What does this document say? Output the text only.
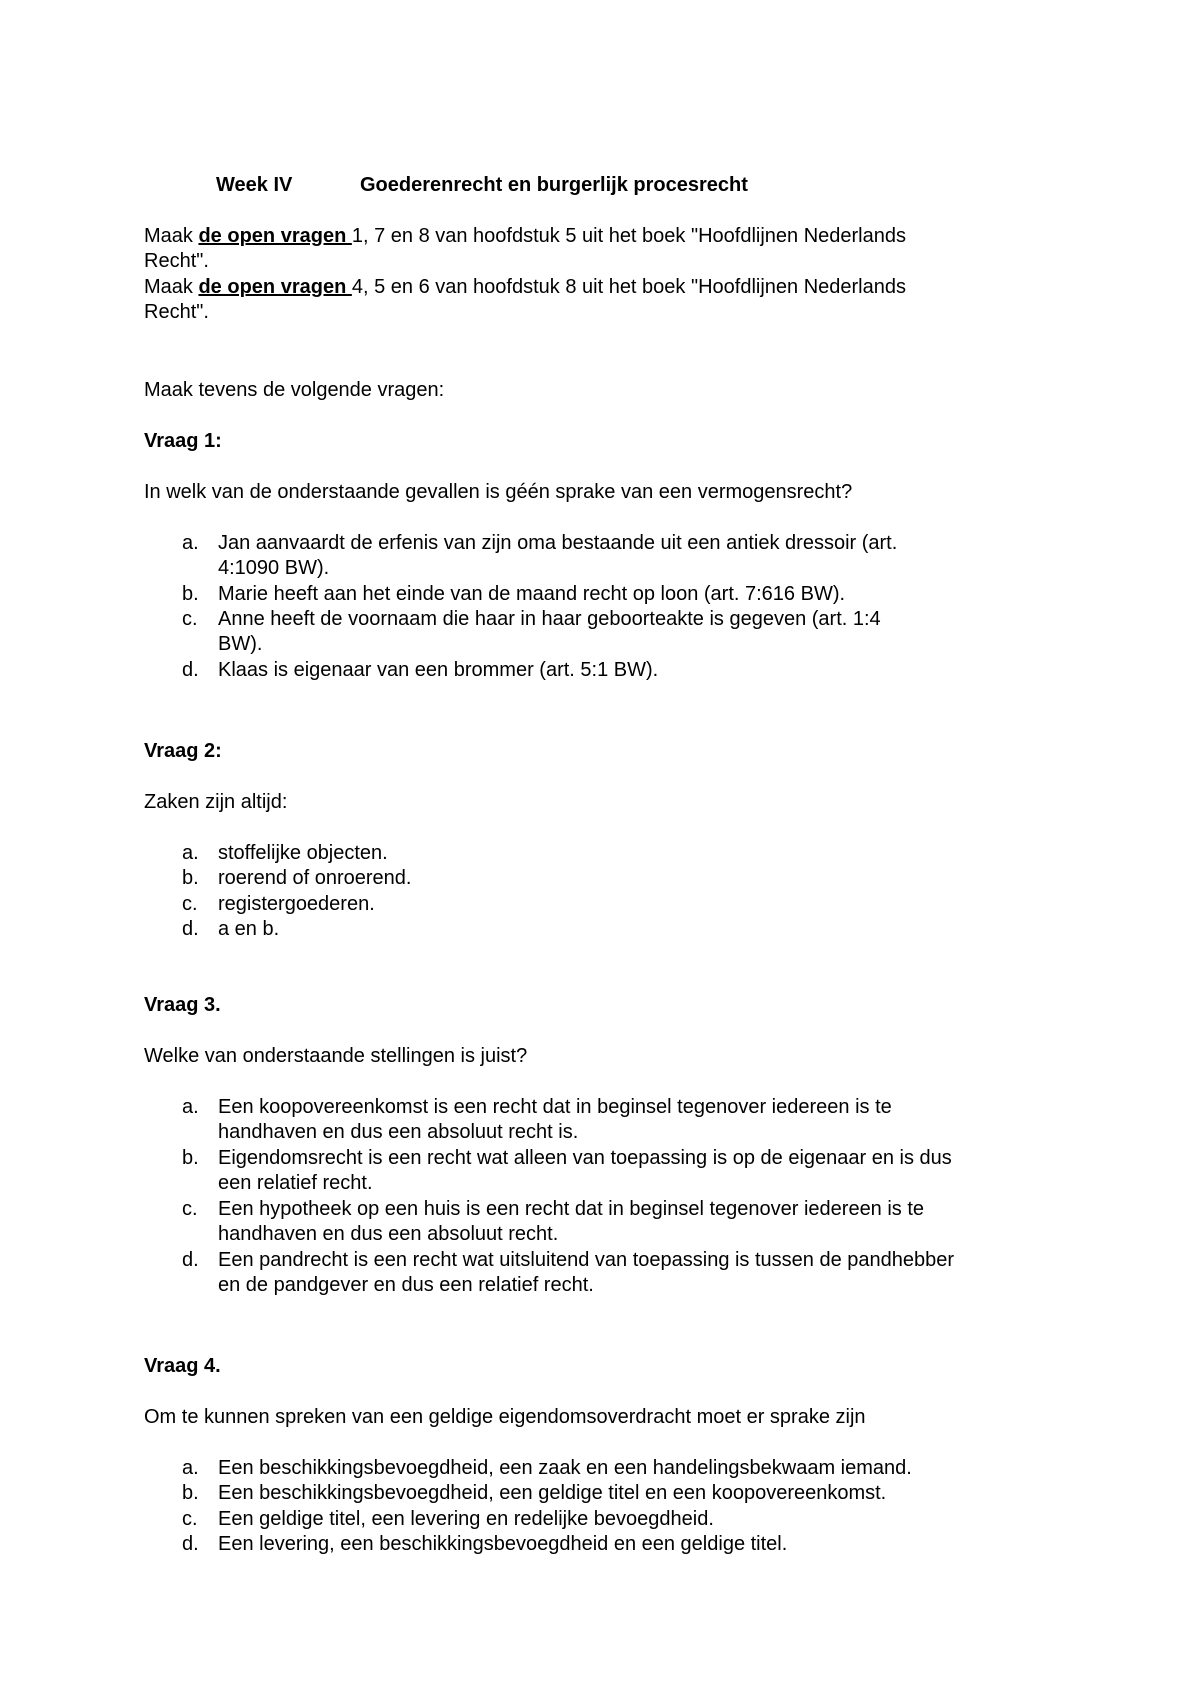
Week IV	Goederenrecht en burgerlijk procesrecht
Maak de open vragen 1, 7 en 8 van hoofdstuk 5 uit het boek "Hoofdlijnen Nederlands
Recht".
Maak de open vragen 4, 5 en 6 van hoofdstuk 8 uit het boek "Hoofdlijnen Nederlands
Recht".
Maak tevens de volgende vragen:
Vraag 1:
In welk van de onderstaande gevallen is géén sprake van een vermogensrecht?
a. Jan aanvaardt de erfenis van zijn oma bestaande uit een antiek dressoir (art.
4:1090 BW).
b. Marie heeft aan het einde van de maand recht op loon (art. 7:616 BW).
c. Anne heeft de voornaam die haar in haar geboorteakte is gegeven (art. 1:4
BW).
d. Klaas is eigenaar van een brommer (art. 5:1 BW).
Vraag 2:
Zaken zijn altijd:
a. stoffelijke objecten.
b. roerend of onroerend.
c. registergoederen.
d. a en b.
Vraag 3.
Welke van onderstaande stellingen is juist?
a. Een koopovereenkomst is een recht dat in beginsel tegenover iedereen is te
handhaven en dus een absoluut recht is.
b. Eigendomsrecht is een recht wat alleen van toepassing is op de eigenaar en is dus
een relatief recht.
c. Een hypotheek op een huis is een recht dat in beginsel tegenover iedereen is te
handhaven en dus een absoluut recht.
d. Een pandrecht is een recht wat uitsluitend van toepassing is tussen de pandhebber
en de pandgever en dus een relatief recht.
Vraag 4.
Om te kunnen spreken van een geldige eigendomsoverdracht moet er sprake zijn
a. Een beschikkingsbevoegdheid, een zaak en een handelingsbekwaam iemand.
b. Een beschikkingsbevoegdheid, een geldige titel en een koopovereenkomst.
c. Een geldige titel, een levering en redelijke bevoegdheid.
d. Een levering, een beschikkingsbevoegdheid en een geldige titel.
